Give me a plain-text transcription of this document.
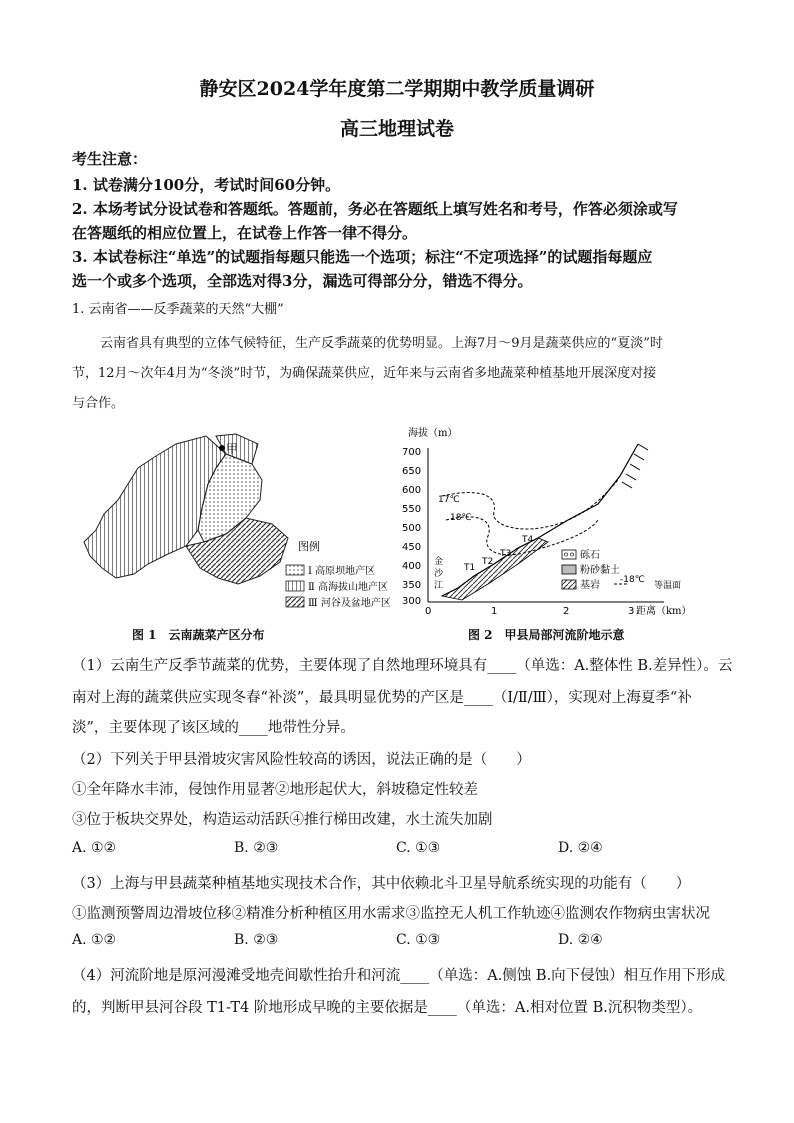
静安区2024学年度第二学期期中教学质量调研
高三地理试卷
考生注意：
1. 试卷满分100分，考试时间60分钟。
2. 本场考试分设试卷和答题纸。答题前，务必在答题纸上填写姓名和考号，作答必须涂或写
在答题纸的相应位置上，在试卷上作答一律不得分。
3. 本试卷标注“单选”的试题指每题只能选一个选项；标注“不定项选择”的试题指每题应
选一个或多个选项，全部选对得3分，漏选可得部分分，错选不得分。
1. 云南省——反季蔬菜的天然“大棚”
云南省具有典型的立体气候特征，生产反季蔬菜的优势明显。上海7月～9月是蔬菜供应的“夏淡”时
节，12月～次年4月为“冬淡”时节，为确保蔬菜供应，近年来与云南省多地蔬菜种植基地开展深度对接
与合作。
甲
图例
Ⅰ 高原坝地产区
Ⅱ 高海拔山地产区
Ⅲ 河谷及盆地产区
图 1　云南蔬菜产区分布
海拔（m）
700
650
600
550
500
450
400
350
300
0	1	2	3 距离（km）
17℃
18℃
T1
T2
T3
T4
金
沙
江
砾石
粉砂黏土
基岩 -18℃
等温面
图 2　甲县局部河流阶地示意
（1）云南生产反季节蔬菜的优势，主要体现了自然地理环境具有____（单选：A.整体性 B.差异性）。云
南对上海的蔬菜供应实现冬春“补淡”，最具明显优势的产区是____（Ⅰ/Ⅱ/Ⅲ），实现对上海夏季“补
淡”，主要体现了该区域的____地带性分异。
（2）下列关于甲县滑坡灾害风险性较高的诱因，说法正确的是（　　）
①全年降水丰沛，侵蚀作用显著②地形起伏大，斜坡稳定性较差
③位于板块交界处，构造运动活跃④推行梯田改建，水土流失加剧
A. ①②	B. ②③	C. ①③	D. ②④
（3）上海与甲县蔬菜种植基地实现技术合作，其中依赖北斗卫星导航系统实现的功能有（　　）
①监测预警周边滑坡位移②精准分析种植区用水需求③监控无人机工作轨迹④监测农作物病虫害状况
A. ①②	B. ②③	C. ①③	D. ②④
（4）河流阶地是原河漫滩受地壳间歇性抬升和河流____（单选：A.侧蚀 B.向下侵蚀）相互作用下形成
的，判断甲县河谷段 T1-T4 阶地形成早晚的主要依据是____（单选：A.相对位置 B.沉积物类型）。
